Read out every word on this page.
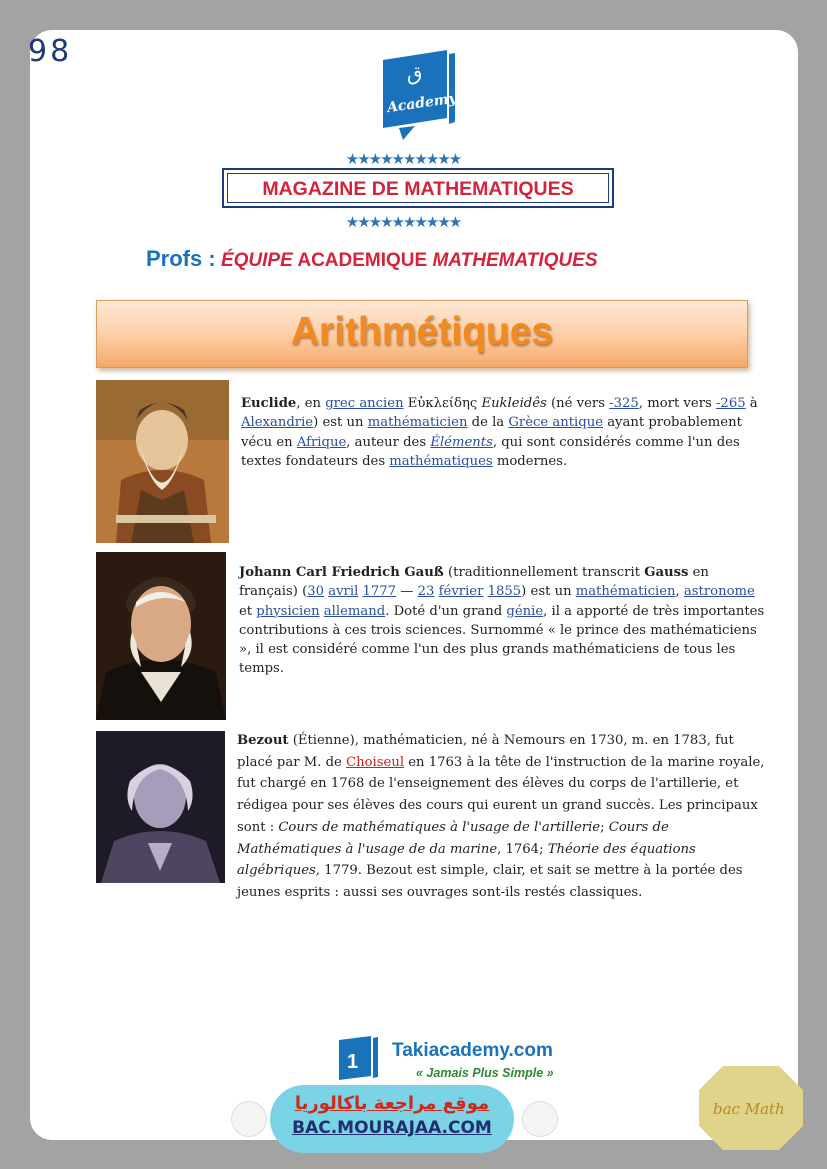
98
ق
Academy
★★★★★★★★★★
MAGAZINE DE MATHEMATIQUES
★★★★★★★★★★
Profs : ÉQUIPE ACADEMIQUE MATHEMATIQUES
Arithmétiques

Euclide, en grec ancien Εὐκλείδης Eukleidês (né vers -325, mort vers -265 à Alexandrie) est un mathématicien de la Grèce antique ayant probablement vécu en Afrique, auteur des Éléments, qui sont considérés comme l'un des textes fondateurs des mathématiques modernes.

Johann Carl Friedrich Gauß (traditionnellement transcrit Gauss en français) (30 avril 1777 — 23 février 1855) est un mathématicien, astronome et physicien allemand. Doté d'un grand génie, il a apporté de très importantes contributions à ces trois sciences. Surnommé « le prince des mathématiciens », il est considéré comme l'un des plus grands mathématiciens de tous les temps.

Bezout (Étienne), mathématicien, né à Nemours en 1730, m. en 1783, fut placé par M. de Choiseul en 1763 à la tête de l'instruction de la marine royale, fut chargé en 1768 de l'enseignement des élèves du corps de l'artillerie, et rédigea pour ses élèves des cours qui eurent un grand succès. Les principaux sont : Cours de mathématiques à l'usage de l'artillerie; Cours de Mathématiques à l'usage de da marine, 1764; Théorie des équations algébriques, 1779. Bezout est simple, clair, et sait se mettre à la portée des jeunes esprits : aussi ses ouvrages sont-ils restés classiques.

1
Takiacademy.com
« Jamais Plus Simple »
موقع مراجعة باكالوريا
BAC.MOURAJAA.COM
bac Math
